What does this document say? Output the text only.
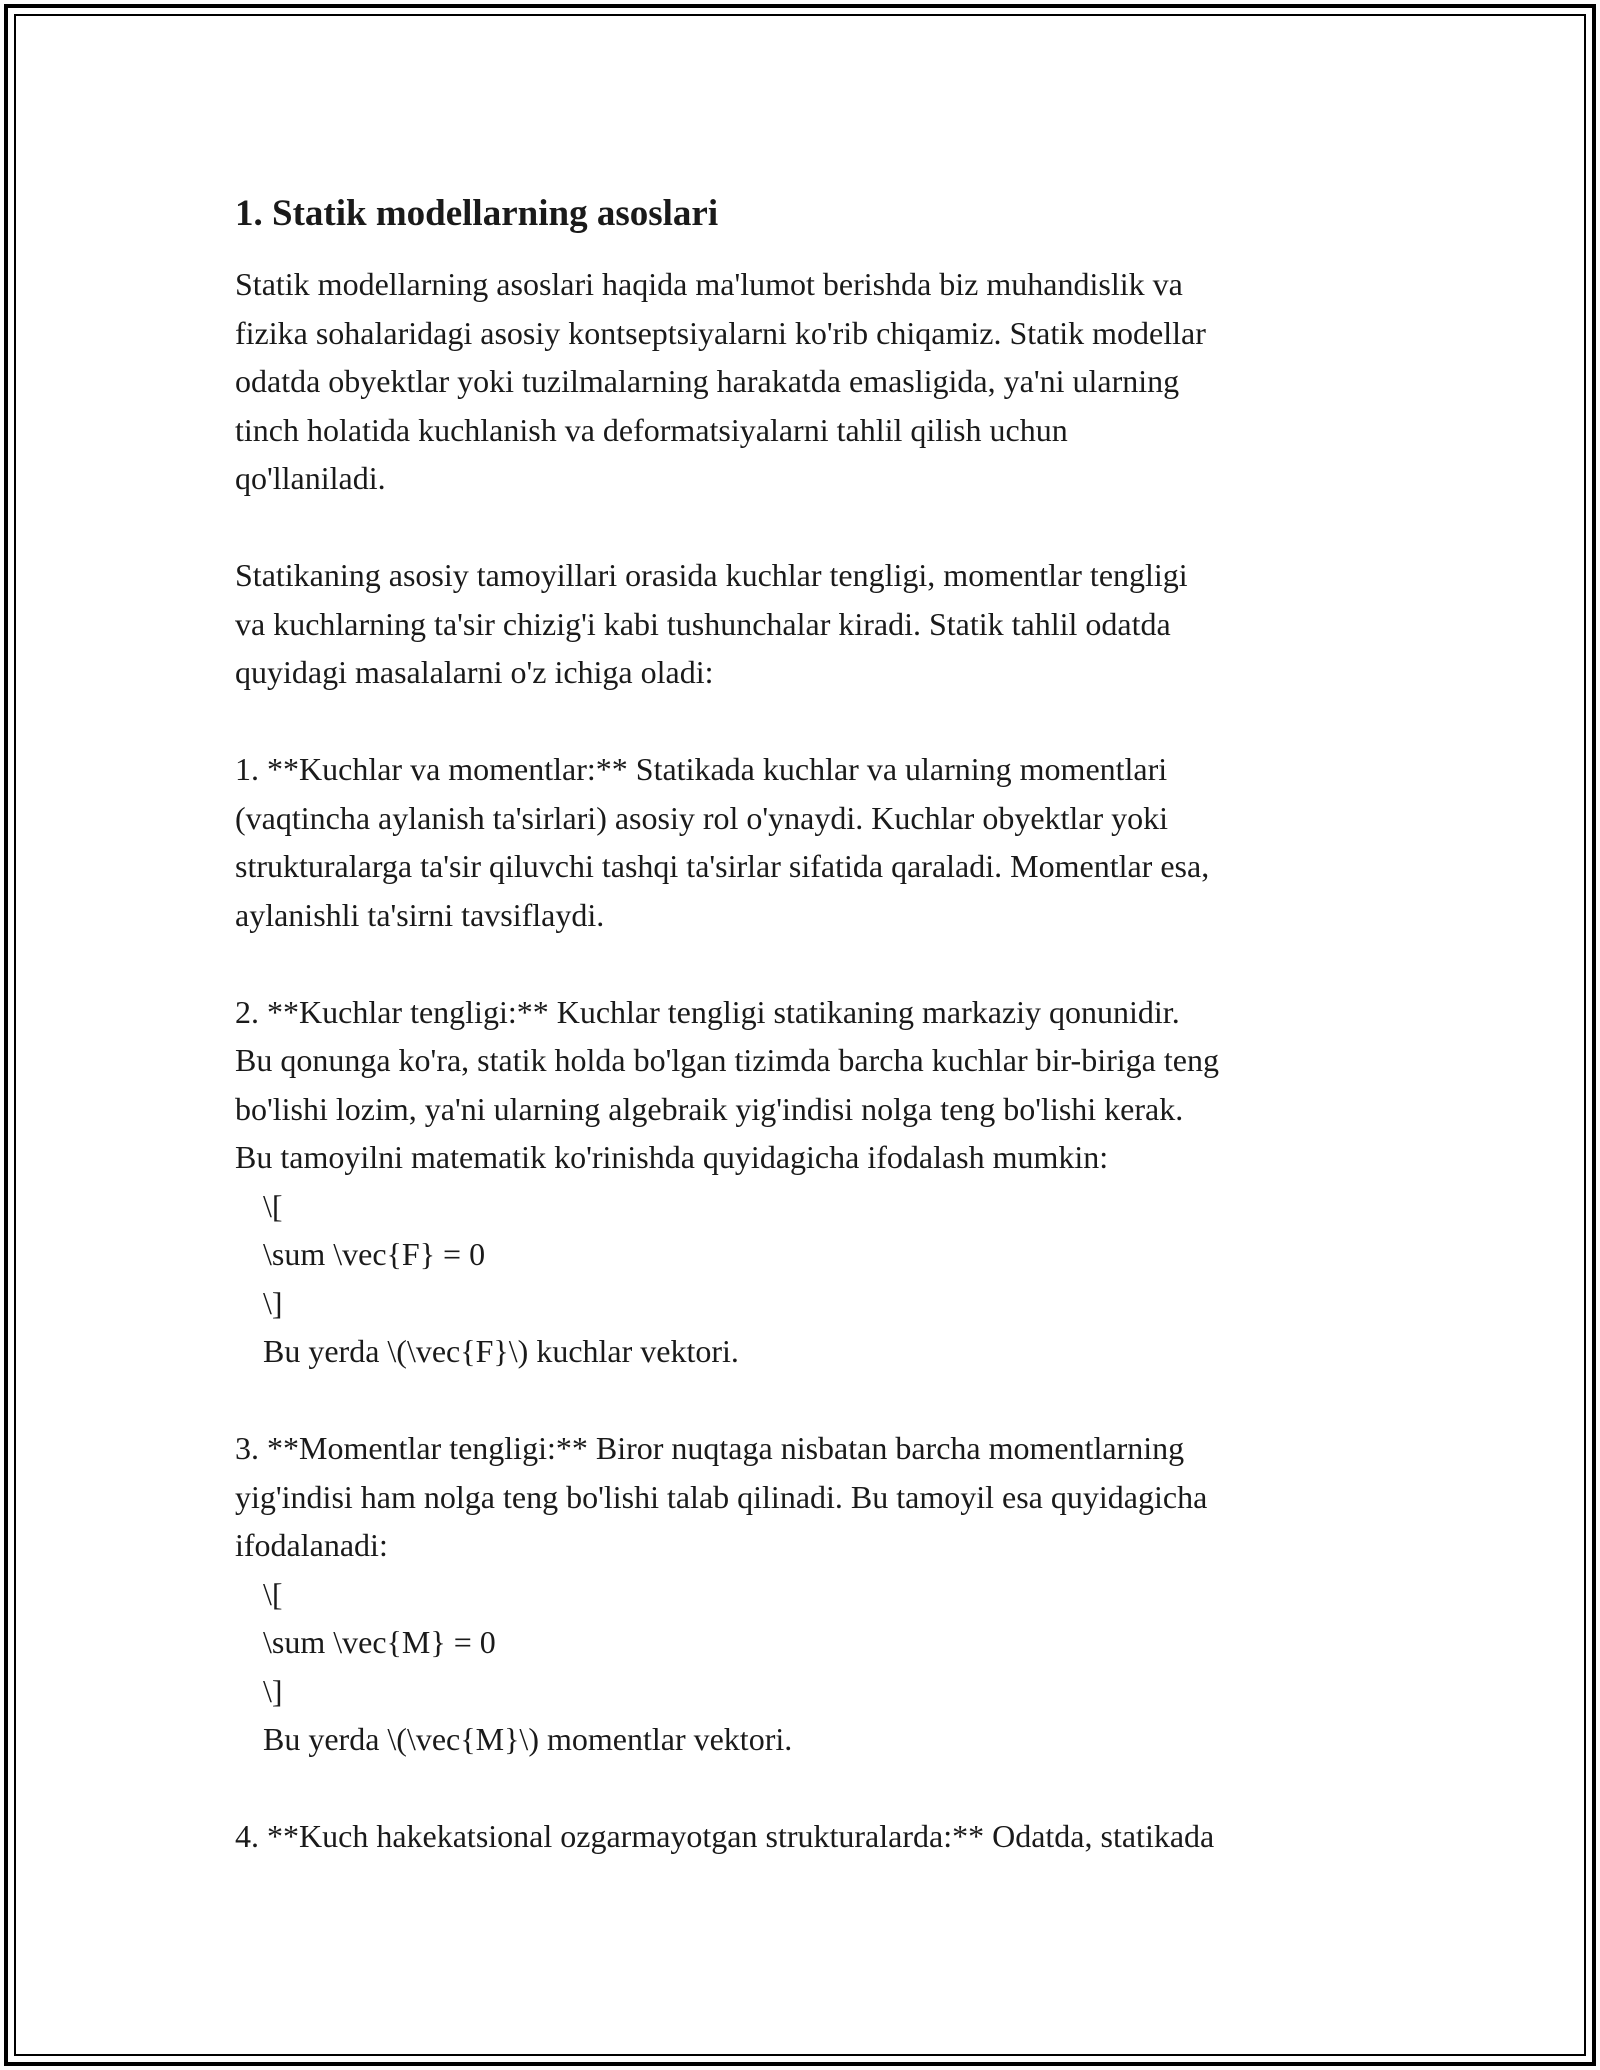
1. Statik modellarning asoslari

Statik modellarning asoslari haqida ma'lumot berishda biz muhandislik va
fizika sohalaridagi asosiy kontseptsiyalarni ko'rib chiqamiz. Statik modellar
odatda obyektlar yoki tuzilmalarning harakatda emasligida, ya'ni ularning
tinch holatida kuchlanish va deformatsiyalarni tahlil qilish uchun
qo'llaniladi.

Statikaning asosiy tamoyillari orasida kuchlar tengligi, momentlar tengligi
va kuchlarning ta'sir chizig'i kabi tushunchalar kiradi. Statik tahlil odatda
quyidagi masalalarni o'z ichiga oladi:

1. **Kuchlar va momentlar:** Statikada kuchlar va ularning momentlari
(vaqtincha aylanish ta'sirlari) asosiy rol o'ynaydi. Kuchlar obyektlar yoki
strukturalarga ta'sir qiluvchi tashqi ta'sirlar sifatida qaraladi. Momentlar esa,
aylanishli ta'sirni tavsiflaydi.

2. **Kuchlar tengligi:** Kuchlar tengligi statikaning markaziy qonunidir.
Bu qonunga ko'ra, statik holda bo'lgan tizimda barcha kuchlar bir-biriga teng
bo'lishi lozim, ya'ni ularning algebraik yig'indisi nolga teng bo'lishi kerak.
Bu tamoyilni matematik ko'rinishda quyidagicha ifodalash mumkin:

\[

\sum \vec{F} = 0

\]

Bu yerda \(\vec{F}\) kuchlar vektori.

3. **Momentlar tengligi:** Biror nuqtaga nisbatan barcha momentlarning
yig'indisi ham nolga teng bo'lishi talab qilinadi. Bu tamoyil esa quyidagicha
ifodalanadi:

\[

\sum \vec{M} = 0

\]

Bu yerda \(\vec{M}\) momentlar vektori.

4. **Kuch hakekatsional ozgarmayotgan strukturalarda:** Odatda, statikada
